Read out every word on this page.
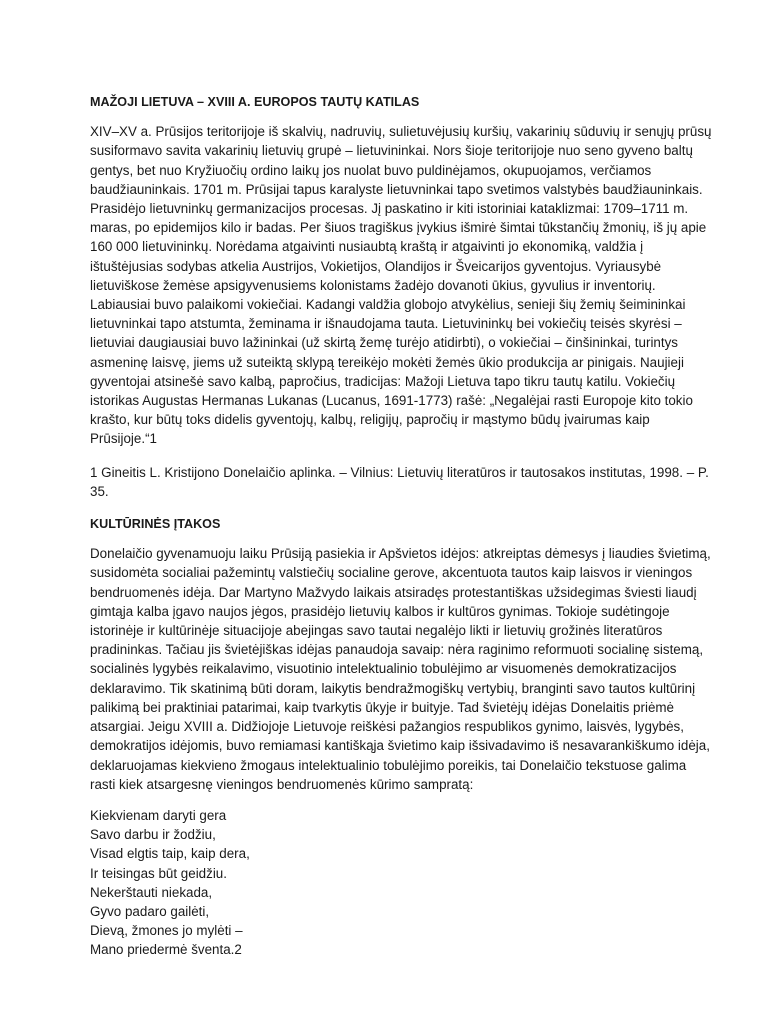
MAŽOJI LIETUVA – XVIII A. EUROPOS TAUTŲ KATILAS
XIV–XV a. Prūsijos teritorijoje iš skalvių, nadruvių, sulietuvėjusių kuršių, vakarinių sūduvių ir senųjų prūsų
susiformavo savita vakarinių lietuvių grupė – lietuvininkai. Nors šioje teritorijoje nuo seno gyveno baltų
gentys, bet nuo Kryžiuočių ordino laikų jos nuolat buvo puldinėjamos, okupuojamos, verčiamos
baudžiauninkais. 1701 m. Prūsijai tapus karalyste lietuvninkai tapo svetimos valstybės baudžiauninkais.
Prasidėjo lietuvninkų germanizacijos procesas. Jį paskatino ir kiti istoriniai kataklizmai: 1709–1711 m.
maras, po epidemijos kilo ir badas. Per šiuos tragiškus įvykius išmirė šimtai tūkstančių žmonių, iš jų apie
160 000 lietuvininkų. Norėdama atgaivinti nusiaubtą kraštą ir atgaivinti jo ekonomiką, valdžia į
ištuštėjusias sodybas atkelia Austrijos, Vokietijos, Olandijos ir Šveicarijos gyventojus. Vyriausybė
lietuviškose žemėse apsigyvenusiems kolonistams žadėjo dovanoti ūkius, gyvulius ir inventorių.
Labiausiai buvo palaikomi vokiečiai. Kadangi valdžia globojo atvykėlius, senieji šių žemių šeimininkai
lietuvninkai tapo atstumta, žeminama ir išnaudojama tauta. Lietuvininkų bei vokiečių teisės skyrėsi –
lietuviai daugiausiai buvo lažininkai (už skirtą žemę turėjo atidirbti), o vokiečiai – činšininkai, turintys
asmeninę laisvę, jiems už suteiktą sklypą tereikėjo mokėti žemės ūkio produkcija ar pinigais. Naujieji
gyventojai atsinešė savo kalbą, papročius, tradicijas: Mažoji Lietuva tapo tikru tautų katilu. Vokiečių
istorikas Augustas Hermanas Lukanas (Lucanus, 1691-1773) rašė: „Negalėjai rasti Europoje kito tokio
krašto, kur būtų toks didelis gyventojų, kalbų, religijų, papročių ir mąstymo būdų įvairumas kaip
Prūsijoje.“1
1 Gineitis L. Kristijono Donelaičio aplinka. – Vilnius: Lietuvių literatūros ir tautosakos institutas, 1998. – P.
35.
KULTŪRINĖS ĮTAKOS
Donelaičio gyvenamuoju laiku Prūsiją pasiekia ir Apšvietos idėjos: atkreiptas dėmesys į liaudies švietimą,
susidomėta socialiai pažemintų valstiečių socialine gerove, akcentuota tautos kaip laisvos ir vieningos
bendruomenės idėja. Dar Martyno Mažvydo laikais atsiradęs protestantiškas užsidegimas šviesti liaudį
gimtąja kalba įgavo naujos jėgos, prasidėjo lietuvių kalbos ir kultūros gynimas. Tokioje sudėtingoje
istorinėje ir kultūrinėje situacijoje abejingas savo tautai negalėjo likti ir lietuvių grožinės literatūros
pradininkas. Tačiau jis švietėjiškas idėjas panaudoja savaip: nėra raginimo reformuoti socialinę sistemą,
socialinės lygybės reikalavimo, visuotinio intelektualinio tobulėjimo ar visuomenės demokratizacijos
deklaravimo. Tik skatinimą būti doram, laikytis bendražmogiškų vertybių, branginti savo tautos kultūrinį
palikimą bei praktiniai patarimai, kaip tvarkytis ūkyje ir buityje. Tad švietėjų idėjas Donelaitis priėmė
atsargiai. Jeigu XVIII a. Didžiojoje Lietuvoje reiškėsi pažangios respublikos gynimo, laisvės, lygybės,
demokratijos idėjomis, buvo remiamasi kantiškąja švietimo kaip išsivadavimo iš nesavarankiškumo idėja,
deklaruojamas kiekvieno žmogaus intelektualinio tobulėjimo poreikis, tai Donelaičio tekstuose galima
rasti kiek atsargesnę vieningos bendruomenės kūrimo sampratą:
Kiekvienam daryti gera
Savo darbu ir žodžiu,
Visad elgtis taip, kaip dera,
Ir teisingas būt geidžiu.
Nekerštauti niekada,
Gyvo padaro gailėti,
Dievą, žmones jo mylėti –
Mano priedermė šventa.2
